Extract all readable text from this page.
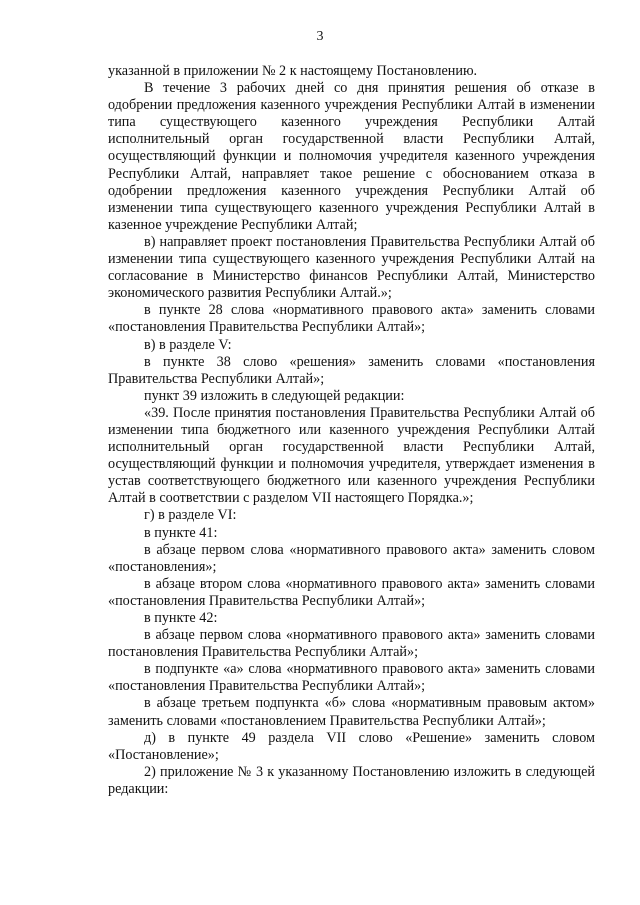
3

указанной в приложении № 2 к настоящему Постановлению.

В течение 3 рабочих дней со дня принятия решения об отказе в одобрении предложения казенного учреждения Республики Алтай в изменении типа существующего казенного учреждения Республики Алтай исполнительный орган государственной власти Республики Алтай, осуществляющий функции и полномочия учредителя казенного учреждения Республики Алтай, направляет такое решение с обоснованием отказа в одобрении предложения казенного учреждения Республики Алтай об изменении типа существующего казенного учреждения Республики Алтай в казенное учреждение Республики Алтай;

в) направляет проект постановления Правительства Республики Алтай об изменении типа существующего казенного учреждения Республики Алтай на согласование в Министерство финансов Республики Алтай, Министерство экономического развития Республики Алтай.»;

в пункте 28 слова «нормативного правового акта» заменить словами «постановления Правительства Республики Алтай»;

в) в разделе V:

в пункте 38 слово «решения» заменить словами «постановления Правительства Республики Алтай»;

пункт 39 изложить в следующей редакции:

«39. После принятия постановления Правительства Республики Алтай об изменении типа бюджетного или казенного учреждения Республики Алтай исполнительный орган государственной власти Республики Алтай, осуществляющий функции и полномочия учредителя, утверждает изменения в устав соответствующего бюджетного или казенного учреждения Республики Алтай в соответствии с разделом VII настоящего Порядка.»;

г) в разделе VI:

в пункте 41:

в абзаце первом слова «нормативного правового акта» заменить словом «постановления»;

в абзаце втором слова «нормативного правового акта» заменить словами «постановления Правительства Республики Алтай»;

в пункте 42:

в абзаце первом слова «нормативного правового акта» заменить словами постановления Правительства Республики Алтай»;

в подпункте «а» слова «нормативного правового акта» заменить словами «постановления Правительства Республики Алтай»;

в абзаце третьем подпункта «б» слова «нормативным правовым актом» заменить словами «постановлением Правительства Республики Алтай»;

д) в пункте 49 раздела VII слово «Решение» заменить словом «Постановление»;

2) приложение № 3 к указанному Постановлению изложить в следующей редакции:
